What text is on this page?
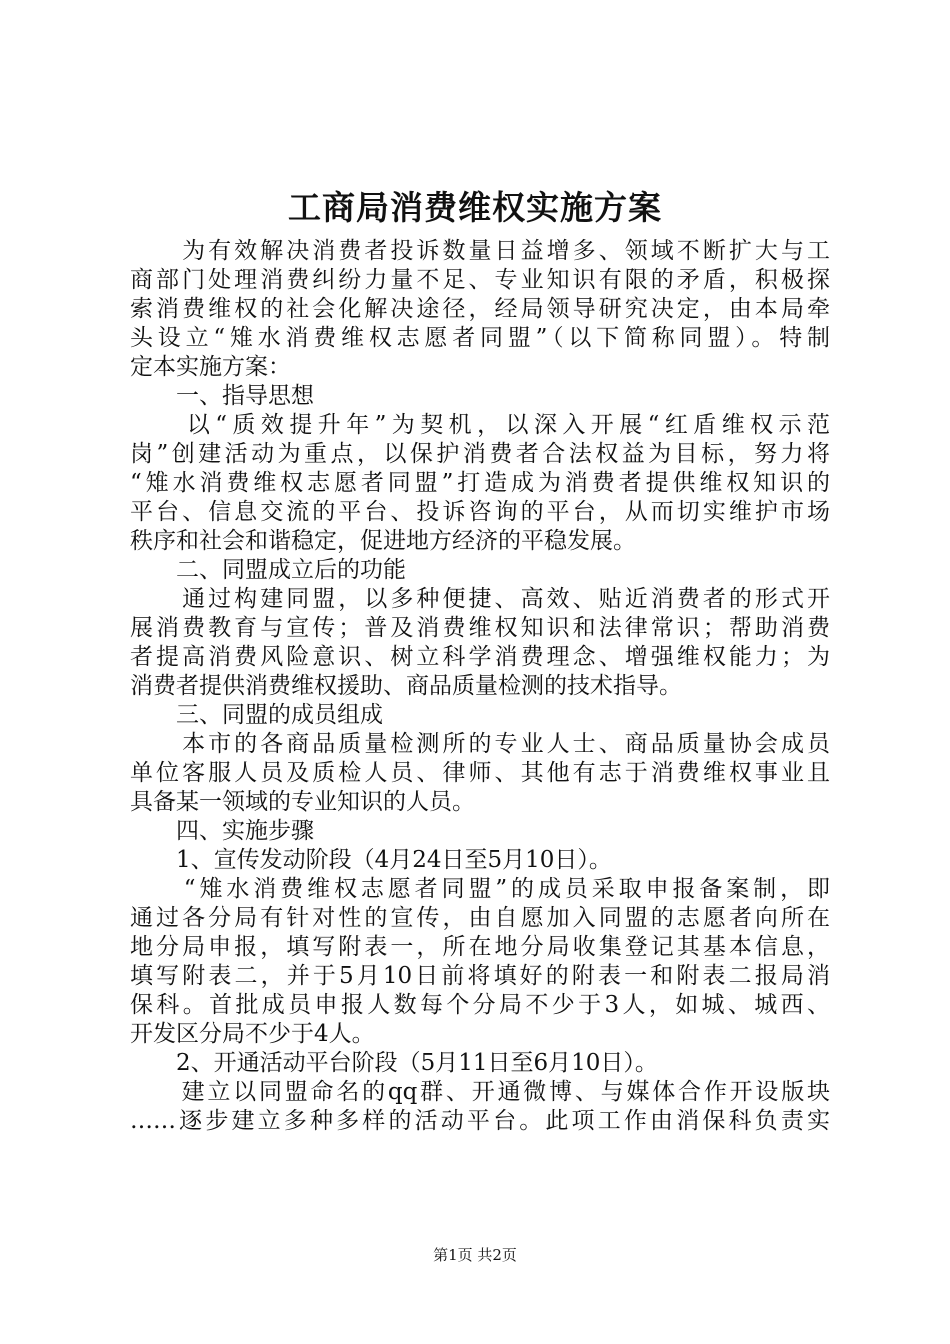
工商局消费维权实施方案
　　为有效解决消费者投诉数量日益增多、领域不断扩大与工
商部门处理消费纠纷力量不足、专业知识有限的矛盾，积极探
索消费维权的社会化解决途径，经局领导研究决定，由本局牵
头设立“雉水消费维权志愿者同盟”（以下简称同盟）。特制
定本实施方案：
　　一、指导思想
　　以“质效提升年”为契机，以深入开展“红盾维权示范
岗”创建活动为重点，以保护消费者合法权益为目标，努力将
“雉水消费维权志愿者同盟”打造成为消费者提供维权知识的
平台、信息交流的平台、投诉咨询的平台，从而切实维护市场
秩序和社会和谐稳定，促进地方经济的平稳发展。
　　二、同盟成立后的功能
　　通过构建同盟，以多种便捷、高效、贴近消费者的形式开
展消费教育与宣传；普及消费维权知识和法律常识；帮助消费
者提高消费风险意识、树立科学消费理念、增强维权能力；为
消费者提供消费维权援助、商品质量检测的技术指导。
　　三、同盟的成员组成
　　本市的各商品质量检测所的专业人士、商品质量协会成员
单位客服人员及质检人员、律师、其他有志于消费维权事业且
具备某一领域的专业知识的人员。
　　四、实施步骤
　　1、宣传发动阶段（4月24日至5月10日）。
　　“雉水消费维权志愿者同盟”的成员采取申报备案制，即
通过各分局有针对性的宣传，由自愿加入同盟的志愿者向所在
地分局申报，填写附表一，所在地分局收集登记其基本信息，
填写附表二，并于5月10日前将填好的附表一和附表二报局消
保科。首批成员申报人数每个分局不少于3人，如城、城西、
开发区分局不少于4人。
　　2、开通活动平台阶段（5月11日至6月10日）。
　　建立以同盟命名的qq群、开通微博、与媒体合作开设版块
……逐步建立多种多样的活动平台。此项工作由消保科负责实
第1页 共2页
